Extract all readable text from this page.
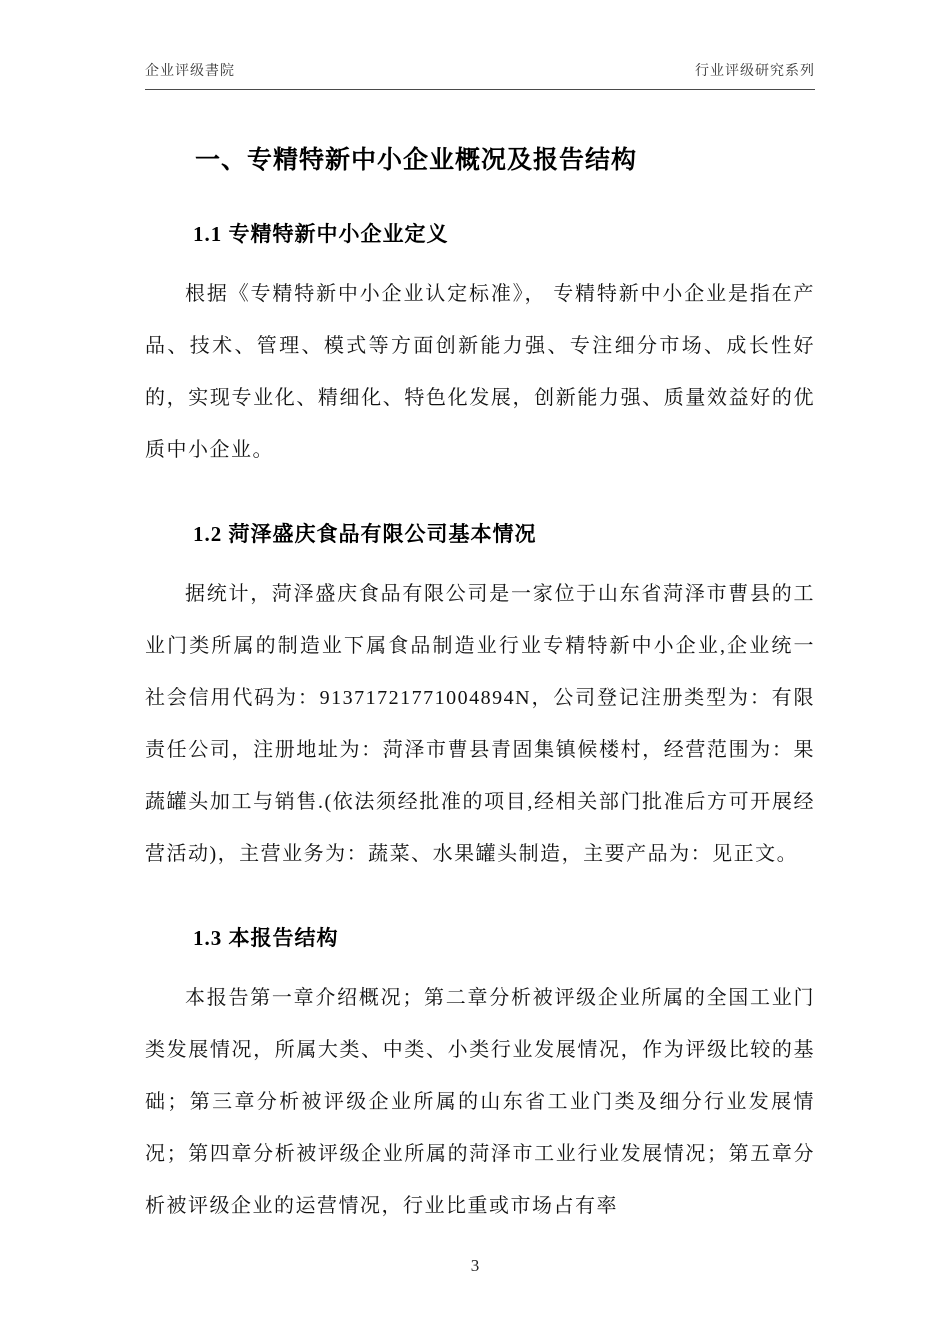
企业评级書院	行业评级研究系列
一、专精特新中小企业概况及报告结构
1.1 专精特新中小企业定义

根据《专精特新中小企业认定标准》， 专精特新中小企业是指在产品、技术、管理、模式等方面创新能力强、专注细分市场、成长性好的，实现专业化、精细化、特色化发展，创新能力强、质量效益好的优质中小企业。

1.2 菏泽盛庆食品有限公司基本情况

据统计，菏泽盛庆食品有限公司是一家位于山东省菏泽市曹县的工业门类所属的制造业下属食品制造业行业专精特新中小企业,企业统一社会信用代码为：91371721771004894N，公司登记注册类型为：有限责任公司，注册地址为：菏泽市曹县青固集镇候楼村，经营范围为：果蔬罐头加工与销售.(依法须经批准的项目,经相关部门批准后方可开展经营活动)，主营业务为：蔬菜、水果罐头制造，主要产品为：见正文。

1.3 本报告结构

本报告第一章介绍概况；第二章分析被评级企业所属的全国工业门类发展情况，所属大类、中类、小类行业发展情况，作为评级比较的基础；第三章分析被评级企业所属的山东省工业门类及细分行业发展情况；第四章分析被评级企业所属的菏泽市工业行业发展情况；第五章分析被评级企业的运营情况，行业比重或市场占有率

3
